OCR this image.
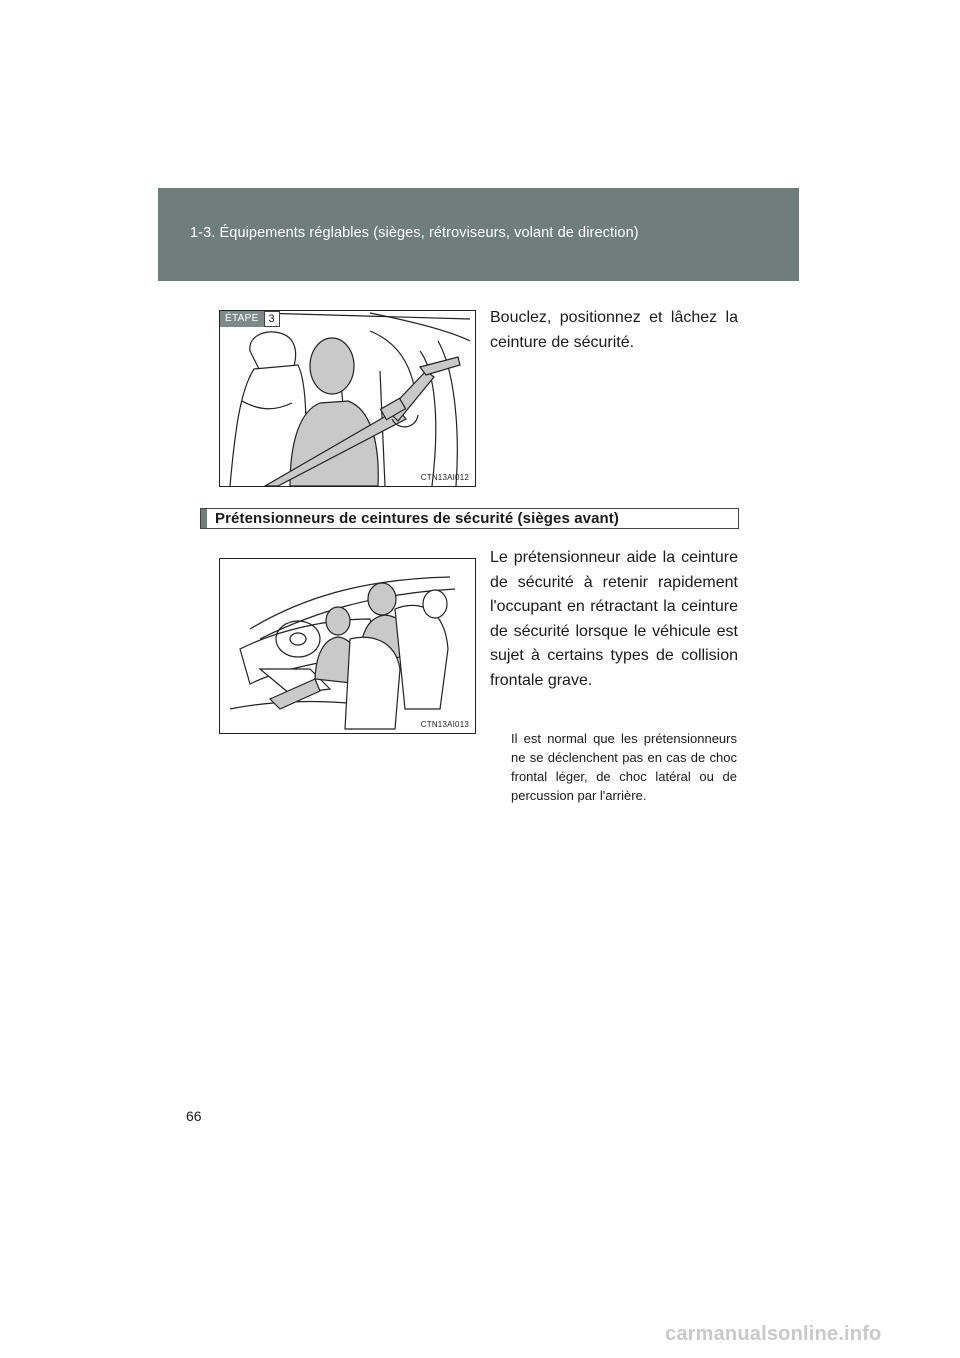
1-3. Équipements réglables (sièges, rétroviseurs, volant de direction)
ÉTAPE 3
CTN13AI012
Bouclez, positionnez et lâchez la ceinture de sécurité.
Prétensionneurs de ceintures de sécurité (sièges avant)
CTN13AI013
Le prétensionneur aide la ceinture de sécurité à retenir rapidement l'occupant en rétractant la ceinture de sécurité lorsque le véhicule est sujet à certains types de collision frontale grave.
Il est normal que les prétensionneurs ne se déclenchent pas en cas de choc frontal léger, de choc latéral ou de percussion par l'arrière.
66
carmanualsonline.info
